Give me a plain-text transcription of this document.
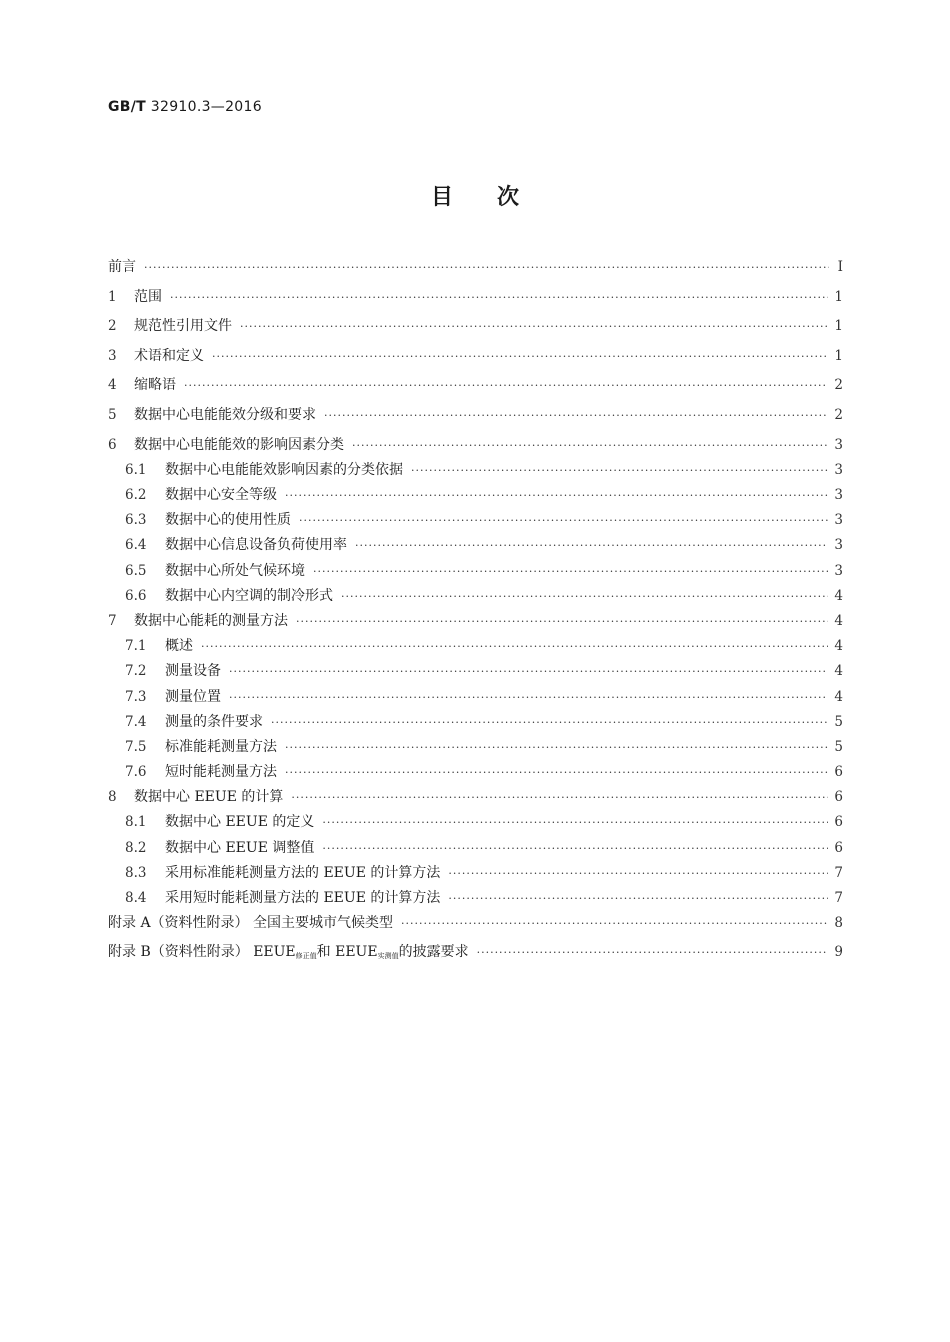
GB/T 32910.3—2016
目次
前言 ·····	I
1	范围 ·····	1
2	规范性引用文件 ·····	1
3	术语和定义 ·····	1
4	缩略语 ·····	2
5	数据中心电能能效分级和要求 ·····	2
6	数据中心电能能效的影响因素分类 ·····	3
6.1	数据中心电能能效影响因素的分类依据 ·····	3
6.2	数据中心安全等级 ·····	3
6.3	数据中心的使用性质 ·····	3
6.4	数据中心信息设备负荷使用率 ·····	3
6.5	数据中心所处气候环境 ·····	3
6.6	数据中心内空调的制冷形式 ·····	4
7	数据中心能耗的测量方法 ·····	4
7.1	概述 ·····	4
7.2	测量设备 ·····	4
7.3	测量位置 ·····	4
7.4	测量的条件要求 ·····	5
7.5	标准能耗测量方法 ·····	5
7.6	短时能耗测量方法 ·····	6
8	数据中心 EEUE 的计算 ·····	6
8.1	数据中心 EEUE 的定义 ·····	6
8.2	数据中心 EEUE 调整值 ·····	6
8.3	采用标准能耗测量方法的 EEUE 的计算方法 ·····	7
8.4	采用短时能耗测量方法的 EEUE 的计算方法 ·····	7
附录 A（资料性附录） 全国主要城市气候类型 ·····	8
附录 B（资料性附录） $EEUE_{修正值}$和 $EEUE_{实测值}$的披露要求 ·····	9
